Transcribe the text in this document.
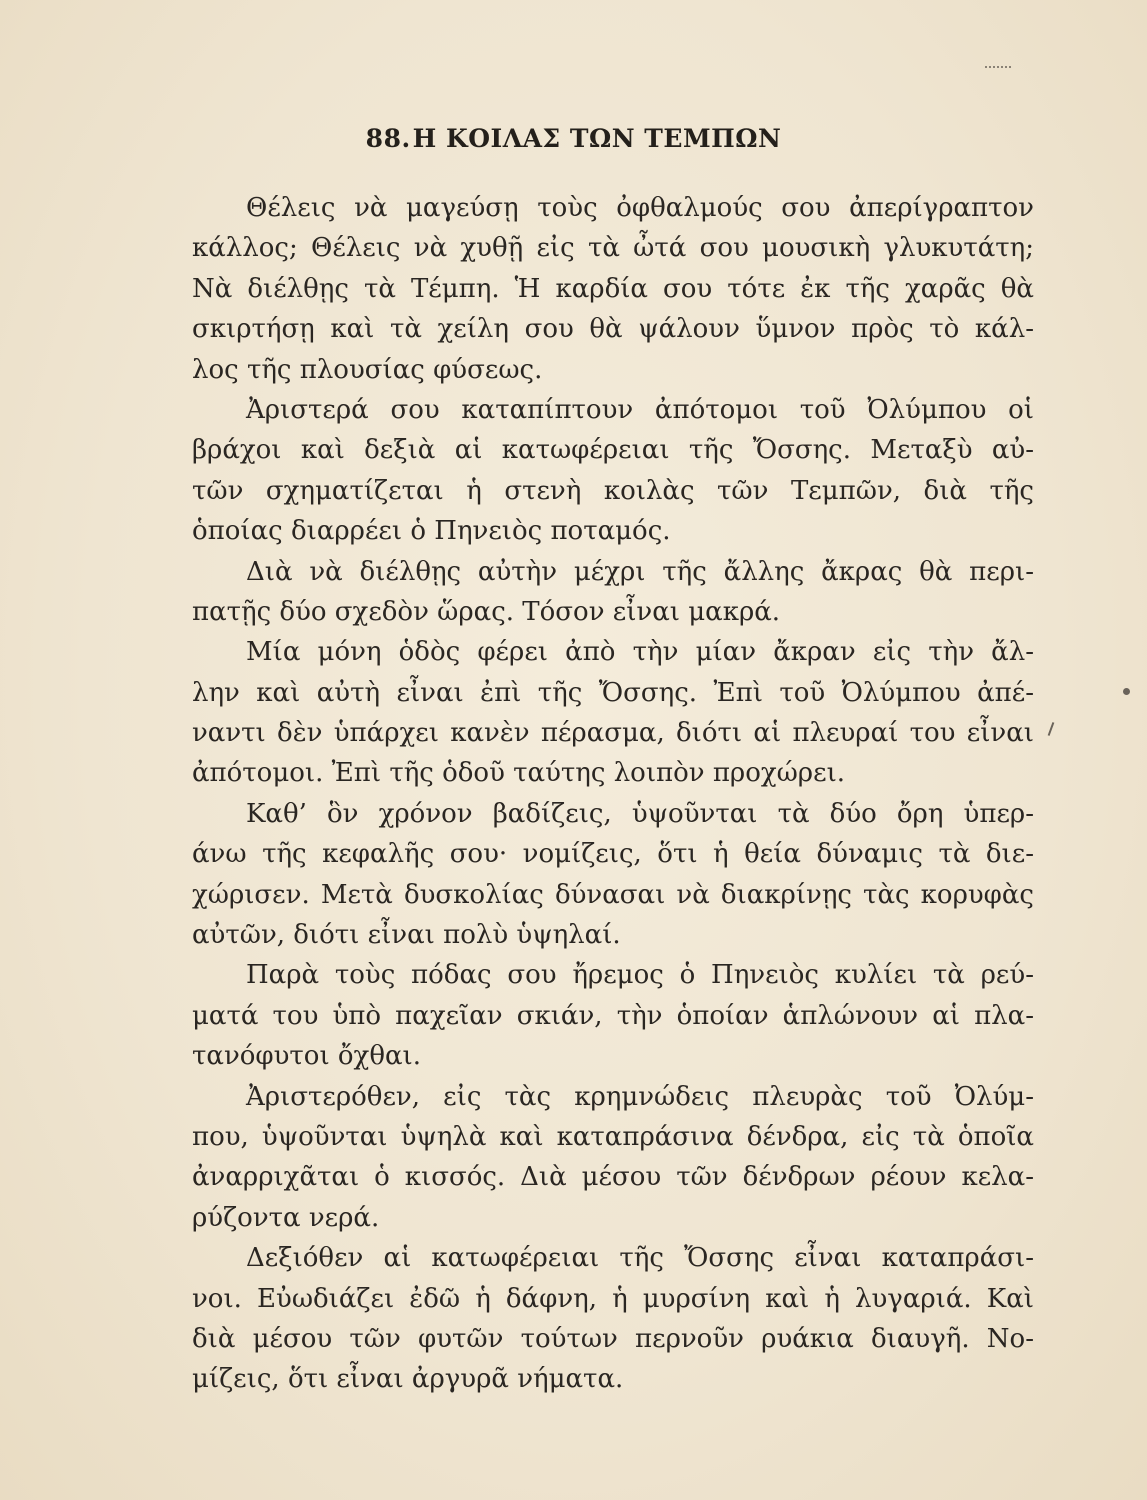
88.Η ΚΟΙΛΑΣ ΤΩΝ ΤΕΜΠΩΝ
Θέλεις νὰ μαγεύσῃ τοὺς ὀφθαλμούς σου ἀπερίγραπτον
κάλλος; Θέλεις νὰ χυθῇ εἰς τὰ ὦτά σου μουσικὴ γλυκυτάτη;
Νὰ διέλθῃς τὰ Τέμπη. Ἡ καρδία σου τότε ἐκ τῆς χαρᾶς θὰ
σκιρτήσῃ καὶ τὰ χείλη σου θὰ ψάλουν ὕμνον πρὸς τὸ κάλ-
λος τῆς πλουσίας φύσεως.
Ἀριστερά σου καταπίπτουν ἀπότομοι τοῦ Ὀλύμπου οἱ
βράχοι καὶ δεξιὰ αἱ κατωφέρειαι τῆς Ὄσσης. Μεταξὺ αὐ-
τῶν σχηματίζεται ἡ στενὴ κοιλὰς τῶν Τεμπῶν, διὰ τῆς
ὁποίας διαρρέει ὁ Πηνειὸς ποταμός.
Διὰ νὰ διέλθῃς αὐτὴν μέχρι τῆς ἄλλης ἄκρας θὰ περι-
πατῇς δύο σχεδὸν ὥρας. Τόσον εἶναι μακρά.
Μία μόνη ὁδὸς φέρει ἀπὸ τὴν μίαν ἄκραν εἰς τὴν ἄλ-
λην καὶ αὐτὴ εἶναι ἐπὶ τῆς Ὄσσης. Ἐπὶ τοῦ Ὀλύμπου ἀπέ-
ναντι δὲν ὑπάρχει κανὲν πέρασμα, διότι αἱ πλευραί του εἶναι
ἀπότομοι. Ἐπὶ τῆς ὁδοῦ ταύτης λοιπὸν προχώρει.
Καθ’ ὃν χρόνον βαδίζεις, ὑψοῦνται τὰ δύο ὄρη ὑπερ-
άνω τῆς κεφαλῆς σου· νομίζεις, ὅτι ἡ θεία δύναμις τὰ διε-
χώρισεν. Μετὰ δυσκολίας δύνασαι νὰ διακρίνῃς τὰς κορυφὰς
αὐτῶν, διότι εἶναι πολὺ ὑψηλαί.
Παρὰ τοὺς πόδας σου ἤρεμος ὁ Πηνειὸς κυλίει τὰ ρεύ-
ματά του ὑπὸ παχεῖαν σκιάν, τὴν ὁποίαν ἁπλώνουν αἱ πλα-
τανόφυτοι ὄχθαι.
Ἀριστερόθεν, εἰς τὰς κρημνώδεις πλευρὰς τοῦ Ὀλύμ-
που, ὑψοῦνται ὑψηλὰ καὶ καταπράσινα δένδρα, εἰς τὰ ὁποῖα
ἀναρριχᾶται ὁ κισσός. Διὰ μέσου τῶν δένδρων ρέουν κελα-
ρύζοντα νερά.
Δεξιόθεν αἱ κατωφέρειαι τῆς Ὄσσης εἶναι καταπράσι-
νοι. Εὐωδιάζει ἐδῶ ἡ δάφνη, ἡ μυρσίνη καὶ ἡ λυγαριά. Καὶ
διὰ μέσου τῶν φυτῶν τούτων περνοῦν ρυάκια διαυγῆ. Νο-
μίζεις, ὅτι εἶναι ἀργυρᾶ νήματα.
